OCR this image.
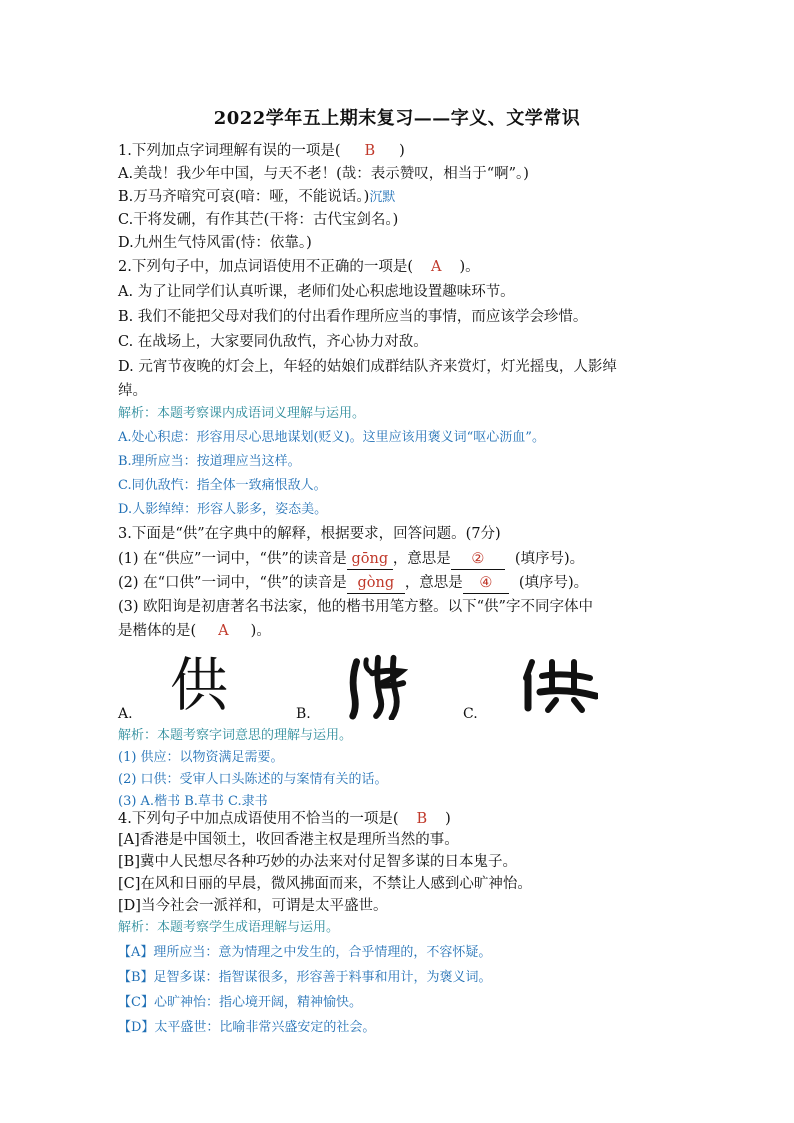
2022学年五上期末复习——字义、文学常识
1.下列加点字词理解有误的一项是( B )
A.美哉！我少年中国，与天不老！(哉：表示赞叹，相当于“啊”。)
B.万马齐喑究可哀(喑：哑，不能说话。)沉默
C.干将发硎，有作其芒(干将：古代宝剑名。)
D.九州生气恃风雷(恃：依靠。)
2.下列句子中，加点词语使用不正确的一项是( A )。
A. 为了让同学们认真听课，老师们处心积虑地设置趣味环节。
B. 我们不能把父母对我们的付出看作理所应当的事情，而应该学会珍惜。
C. 在战场上，大家要同仇敌忾，齐心协力对敌。
D. 元宵节夜晚的灯会上，年轻的姑娘们成群结队齐来赏灯，灯光摇曳，人影绰
绰。
解析：本题考察课内成语词义理解与运用。
A.处心积虑：形容用尽心思地谋划(贬义)。这里应该用褒义词“呕心沥血”。
B.理所应当：按道理应当这样。
C.同仇敌忾：指全体一致痛恨敌人。
D.人影绰绰：形容人影多，姿态美。
3.下面是“供”在字典中的解释，根据要求，回答问题。(7分)
(1) 在“供应”一词中，“供”的读音是 gōng ，意思是 ② (填序号)。
(2) 在“口供”一词中，“供”的读音是 gòng ，意思是 ④ (填序号)。
(3) 欧阳询是初唐著名书法家，他的楷书用笔方整。以下“供”字不同字体中
是楷体的是( A )。
供
A.	B.	C.
解析：本题考察字词意思的理解与运用。
(1) 供应：以物资满足需要。
(2) 口供：受审人口头陈述的与案情有关的话。
(3) A.楷书 B.草书 C.隶书
4.下列句子中加点成语使用不恰当的一项是( B )
[A]香港是中国领土，收回香港主权是理所当然的事。
[B]冀中人民想尽各种巧妙的办法来对付足智多谋的日本鬼子。
[C]在风和日丽的早晨，微风拂面而来，不禁让人感到心旷神怡。
[D]当今社会一派祥和，可谓是太平盛世。
解析：本题考察学生成语理解与运用。
【A】理所应当：意为情理之中发生的，合乎情理的，不容怀疑。
【B】足智多谋：指智谋很多，形容善于料事和用计，为褒义词。
【C】心旷神怡：指心境开阔，精神愉快。
【D】太平盛世：比喻非常兴盛安定的社会。
